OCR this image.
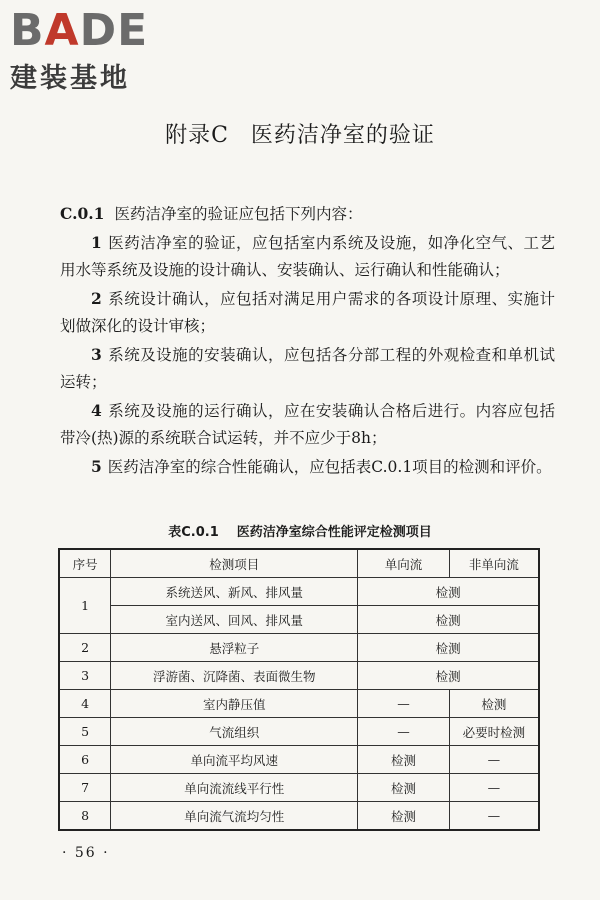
B A D E
建装基地
附录C 医药洁净室的验证

C.0.1 医药洁净室的验证应包括下列内容：

1 医药洁净室的验证，应包括室内系统及设施，如净化空气、工艺用水等系统及设施的设计确认、安装确认、运行确认和性能确认；

2 系统设计确认，应包括对满足用户需求的各项设计原理、实施计划做深化的设计审核；

3 系统及设施的安装确认，应包括各分部工程的外观检查和单机试运转；

4 系统及设施的运行确认，应在安装确认合格后进行。内容应包括带冷(热)源的系统联合试运转，并不应少于8h；

5 医药洁净室的综合性能确认，应包括表C.0.1项目的检测和评价。

表C.0.1 医药洁净室综合性能评定检测项目
序号	检测项目	单向流	非单向流
1	系统送风、新风、排风量	检测	
	室内送风、回风、排风量	检测	
2	悬浮粒子	检测	
3	浮游菌、沉降菌、表面微生物	检测	
4	室内静压值	—	检测
5	气流组织	—	必要时检测
6	单向流平均风速	检测	—
7	单向流流线平行性	检测	—
8	单向流气流均匀性	检测	—
· 56 ·
